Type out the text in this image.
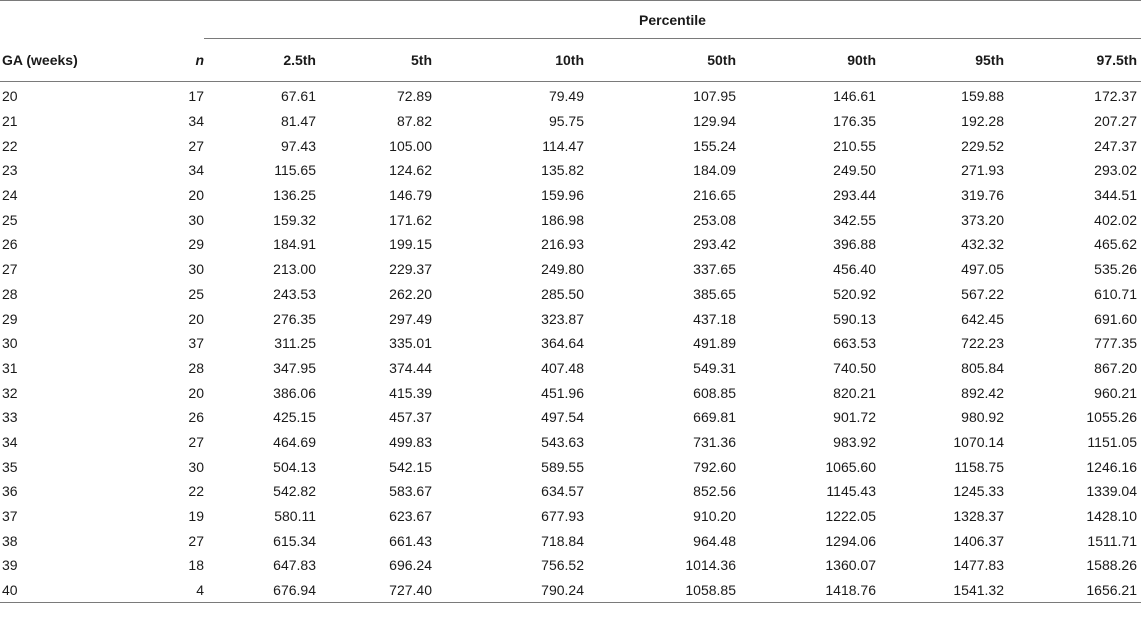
		Percentile						
GA (weeks)	n	2.5th	5th	10th	50th	90th	95th	97.5th
20	17	67.61	72.89	79.49	107.95	146.61	159.88	172.37
21	34	81.47	87.82	95.75	129.94	176.35	192.28	207.27
22	27	97.43	105.00	114.47	155.24	210.55	229.52	247.37
23	34	115.65	124.62	135.82	184.09	249.50	271.93	293.02
24	20	136.25	146.79	159.96	216.65	293.44	319.76	344.51
25	30	159.32	171.62	186.98	253.08	342.55	373.20	402.02
26	29	184.91	199.15	216.93	293.42	396.88	432.32	465.62
27	30	213.00	229.37	249.80	337.65	456.40	497.05	535.26
28	25	243.53	262.20	285.50	385.65	520.92	567.22	610.71
29	20	276.35	297.49	323.87	437.18	590.13	642.45	691.60
30	37	311.25	335.01	364.64	491.89	663.53	722.23	777.35
31	28	347.95	374.44	407.48	549.31	740.50	805.84	867.20
32	20	386.06	415.39	451.96	608.85	820.21	892.42	960.21
33	26	425.15	457.37	497.54	669.81	901.72	980.92	1055.26
34	27	464.69	499.83	543.63	731.36	983.92	1070.14	1151.05
35	30	504.13	542.15	589.55	792.60	1065.60	1158.75	1246.16
36	22	542.82	583.67	634.57	852.56	1145.43	1245.33	1339.04
37	19	580.11	623.67	677.93	910.20	1222.05	1328.37	1428.10
38	27	615.34	661.43	718.84	964.48	1294.06	1406.37	1511.71
39	18	647.83	696.24	756.52	1014.36	1360.07	1477.83	1588.26
40	4	676.94	727.40	790.24	1058.85	1418.76	1541.32	1656.21
